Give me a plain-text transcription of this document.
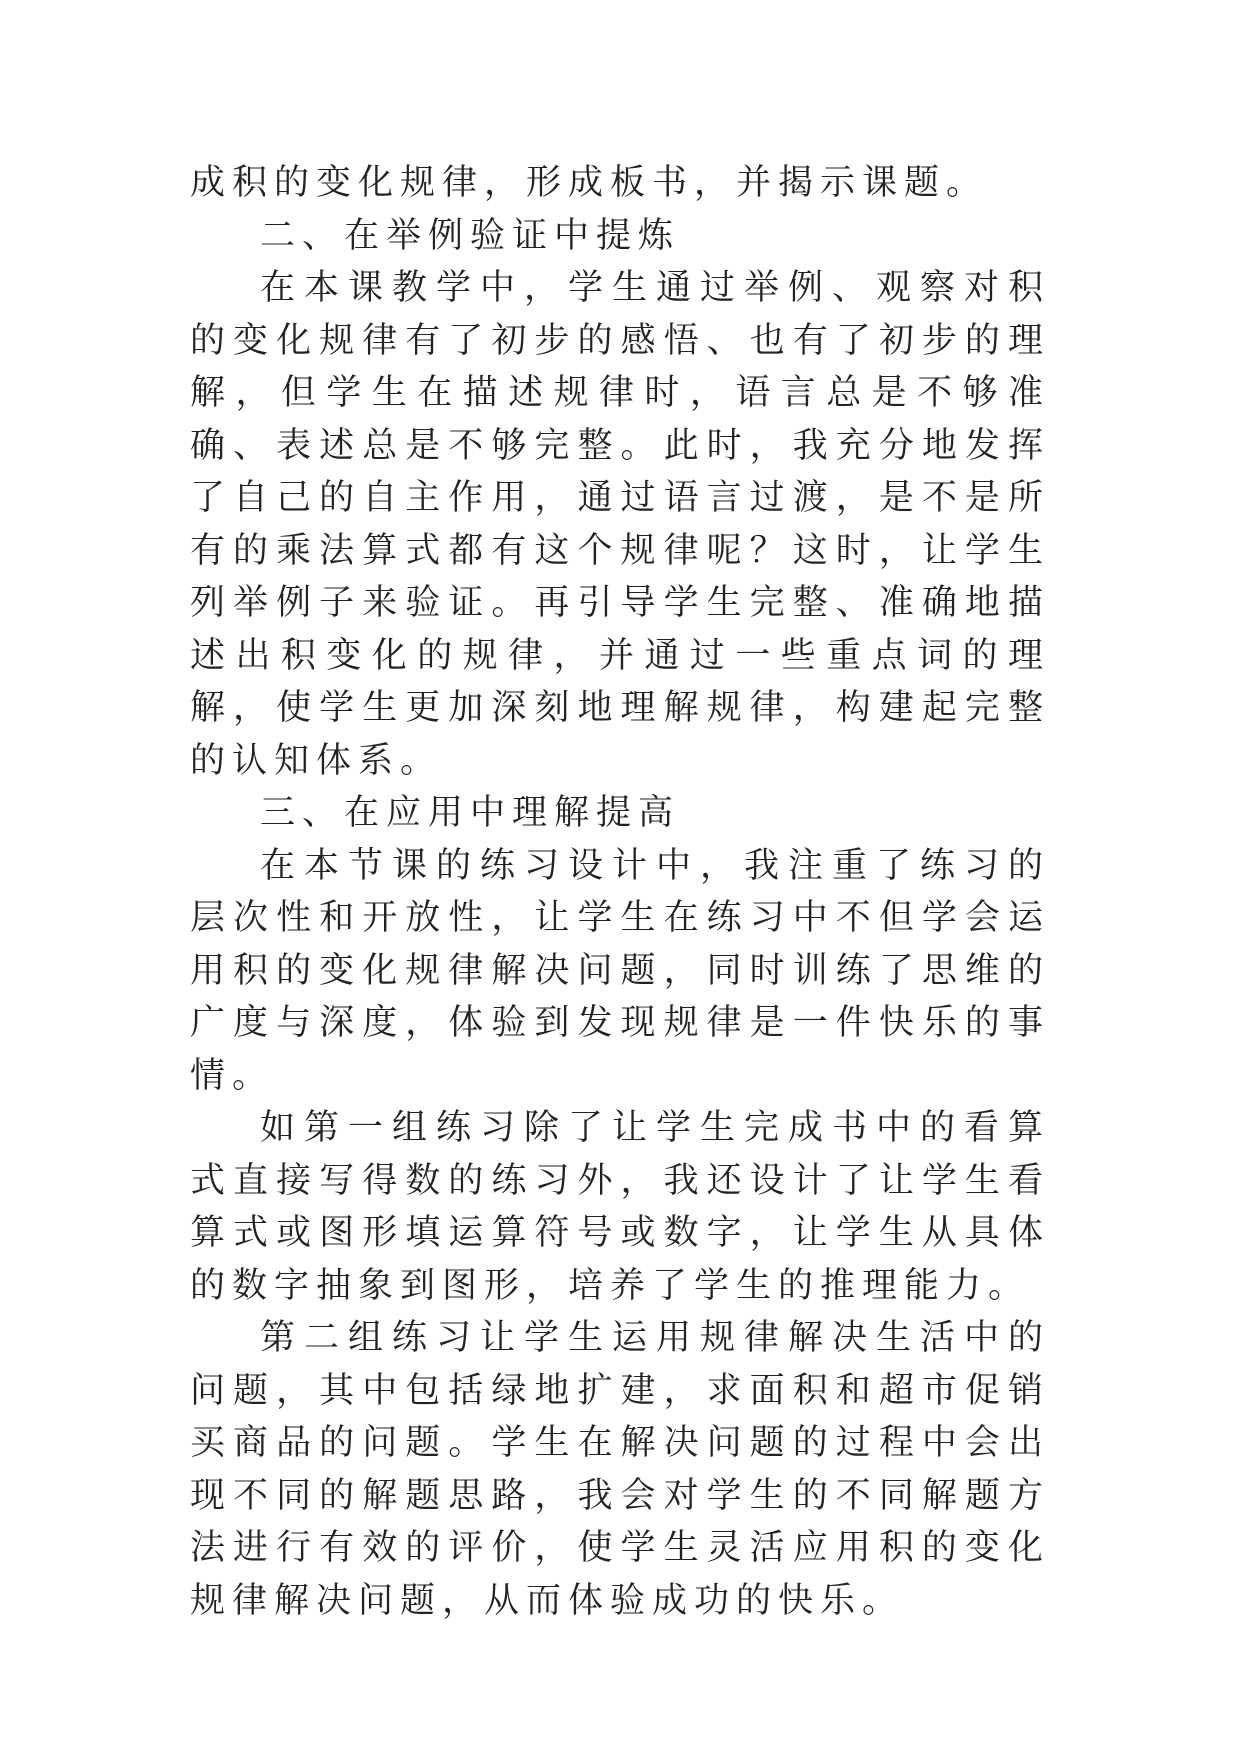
成积的变化规律，形成板书，并揭示课题。

二、在举例验证中提炼

在本课教学中，学生通过举例、观察对积的变化规律有了初步的感悟、也有了初步的理解，但学生在描述规律时，语言总是不够准确、表述总是不够完整。此时，我充分地发挥了自己的自主作用，通过语言过渡，是不是所有的乘法算式都有这个规律呢？这时，让学生列举例子来验证。再引导学生完整、准确地描述出积变化的规律，并通过一些重点词的理解，使学生更加深刻地理解规律，构建起完整的认知体系。

三、在应用中理解提高

在本节课的练习设计中，我注重了练习的层次性和开放性，让学生在练习中不但学会运用积的变化规律解决问题，同时训练了思维的广度与深度，体验到发现规律是一件快乐的事情。

如第一组练习除了让学生完成书中的看算式直接写得数的练习外，我还设计了让学生看算式或图形填运算符号或数字，让学生从具体的数字抽象到图形，培养了学生的推理能力。

第二组练习让学生运用规律解决生活中的问题，其中包括绿地扩建，求面积和超市促销买商品的问题。学生在解决问题的过程中会出现不同的解题思路，我会对学生的不同解题方法进行有效的评价，使学生灵活应用积的变化规律解决问题，从而体验成功的快乐。
